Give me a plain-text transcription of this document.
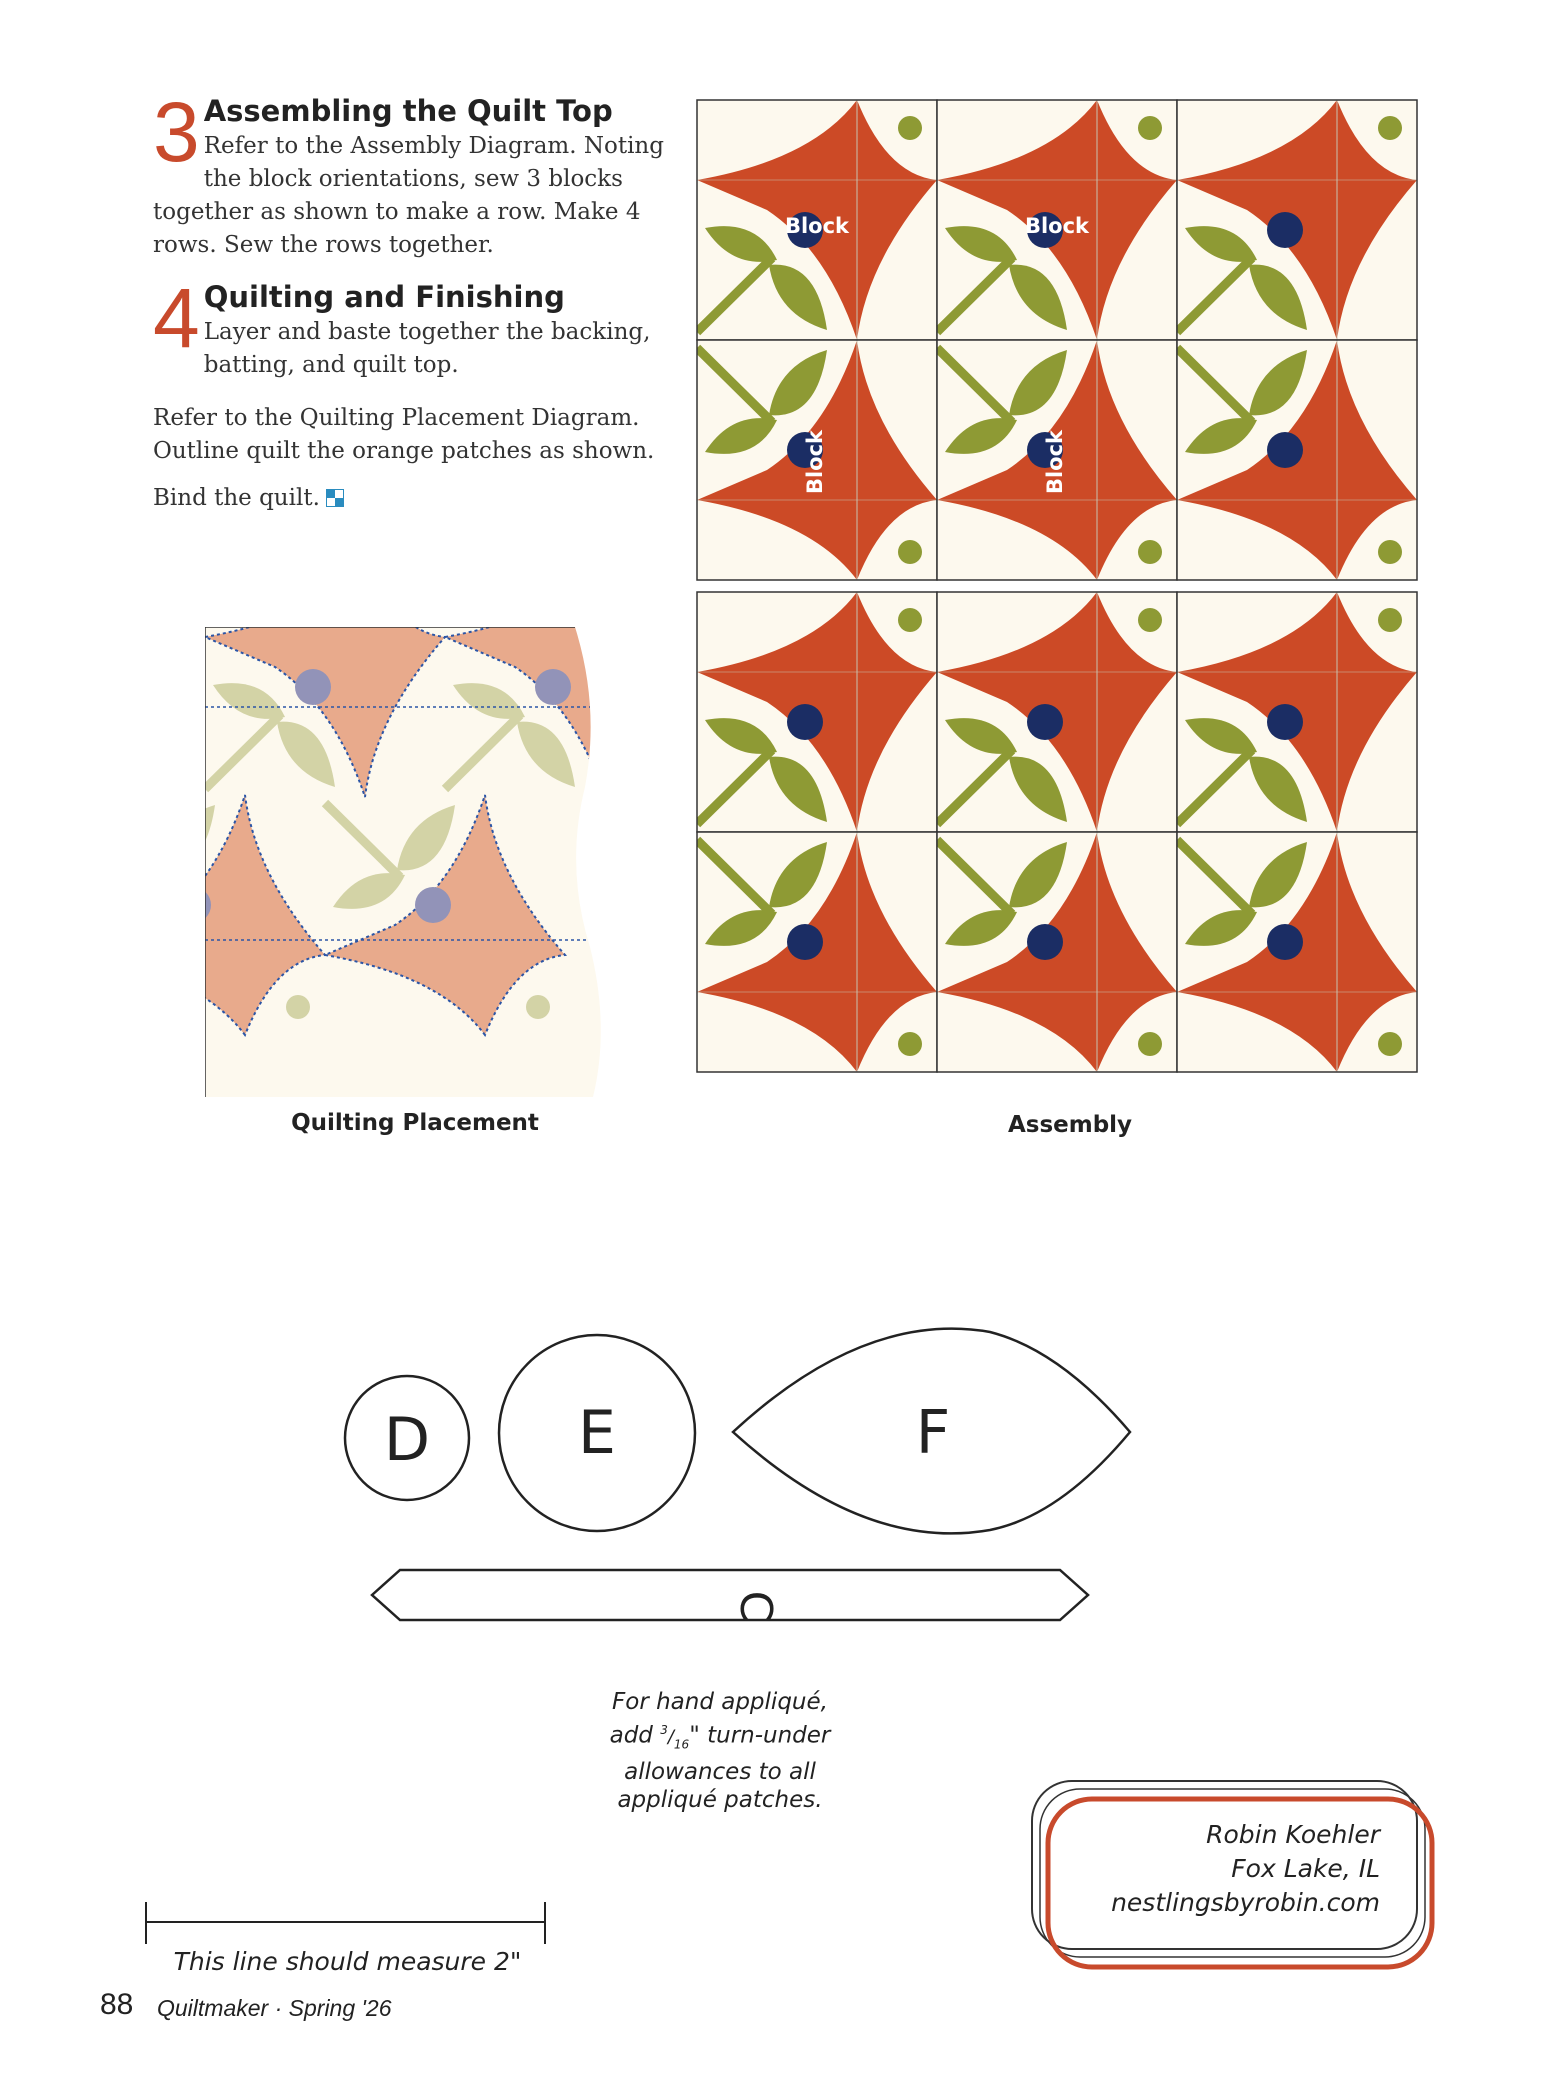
3 Assembling the Quilt Top

Refer to the Assembly Diagram. Noting the block orientations, sew 3 blocks together as shown to make a row. Make 4 rows. Sew the rows together.

4 Quilting and Finishing

Layer and baste together the backing, batting, and quilt top.

Refer to the Quilting Placement Diagram. Outline quilt the orange patches as shown.

Bind the quilt.

Block	Block
Block	Block
Quilting Placement	Assembly
D E	F
C
For hand appliqué,
add $^3/_{16}$" turn-under
allowances to all
appliqué patches.
Robin Koehler
Fox Lake, IL
nestlingsbyrobin.com
This line should measure 2"
88 Quiltmaker · Spring '26
